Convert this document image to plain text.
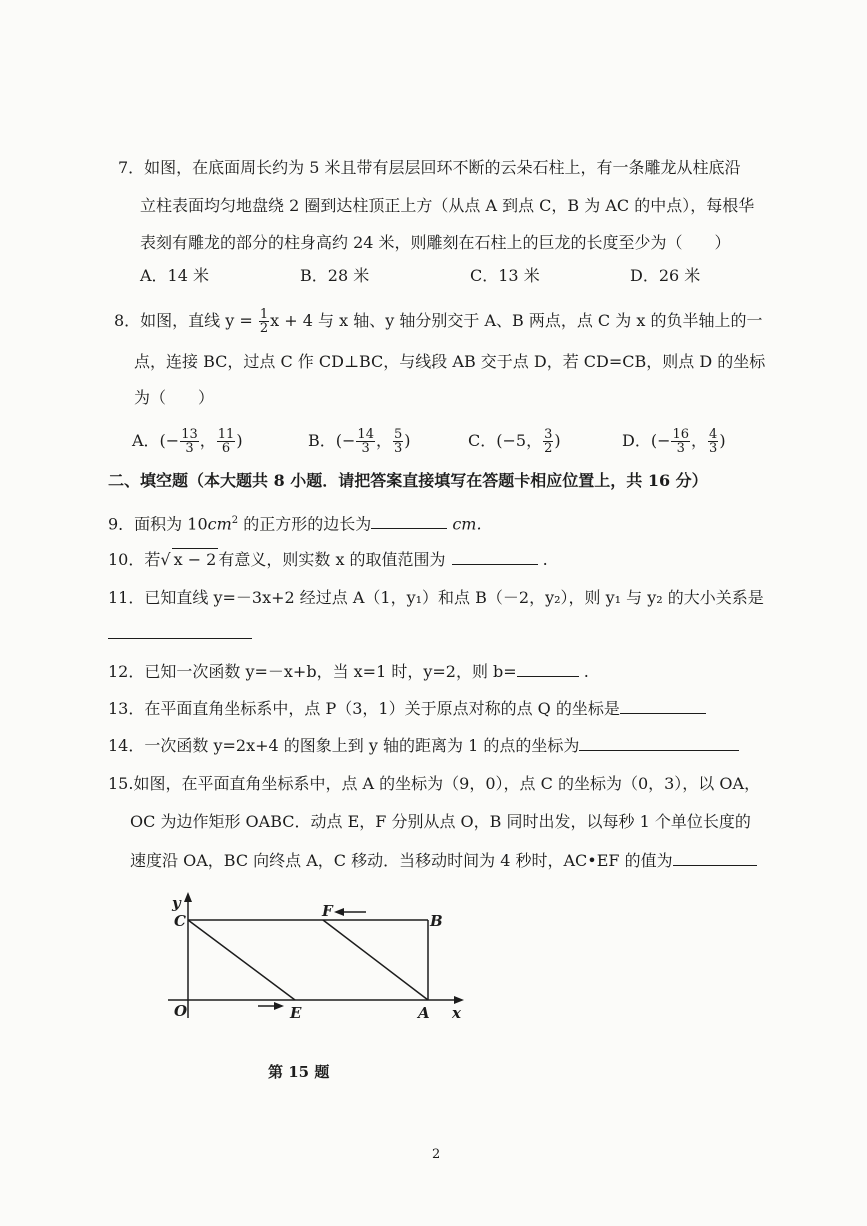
7．如图，在底面周长约为 5 米且带有层层回环不断的云朵石柱上，有一条雕龙从柱底沿
立柱表面均匀地盘绕 2 圈到达柱顶正上方（从点 A 到点 C，B 为 AC 的中点），每根华
表刻有雕龙的部分的柱身高约 24 米，则雕刻在石柱上的巨龙的长度至少为（　　）
A．14 米	B．28 米	C．13 米	D．26 米
8．如图，直线 $y = \frac{1}{2}$ x + 4 与 x 轴、y 轴分别交于 A、B 两点，点 C 为 x 的负半轴上的一
点，连接 BC，过点 C 作 CD⊥BC，与线段 AB 交于点 D，若 CD=CB，则点 D 的坐标
为（　　）
A．(− $\frac{13}{3}$ ， $\frac{11}{6}$ )	B．(− $\frac{14}{3}$ ， $\frac{5}{3}$ )	C．(−5， $\frac{3}{2}$ )	D．(− $\frac{16}{3}$ ， $\frac{4}{3}$ )
二、填空题（本大题共 8 小题．请把答案直接填写在答题卡相应位置上，共 16 分）
9．面积为 $10cm^2$ 的正方形的边长为	cm.
10．若√ x − 2 有意义，则实数 x 的取值范围为	.
11．已知直线 y=－3x+2 经过点 A（1，y₁）和点 B（－2，y₂），则 y₁ 与 y₂ 的大小关系是
12．已知一次函数 y=－x+b，当 x=1 时，y=2，则 b=	.
13．在平面直角坐标系中，点 P（3，1）关于原点对称的点 Q 的坐标是
14．一次函数 y=2x+4 的图象上到 y 轴的距离为 1 的点的坐标为
15.如图，在平面直角坐标系中，点 A 的坐标为（9，0），点 C 的坐标为（0，3），以 OA，
OC 为边作矩形 OABC．动点 E，F 分别从点 O，B 同时出发，以每秒 1 个单位长度的
速度沿 OA，BC 向终点 A，C 移动．当移动时间为 4 秒时，AC•EF 的值为
y
x
O
C
F
B
E	A
第 15 题
2
